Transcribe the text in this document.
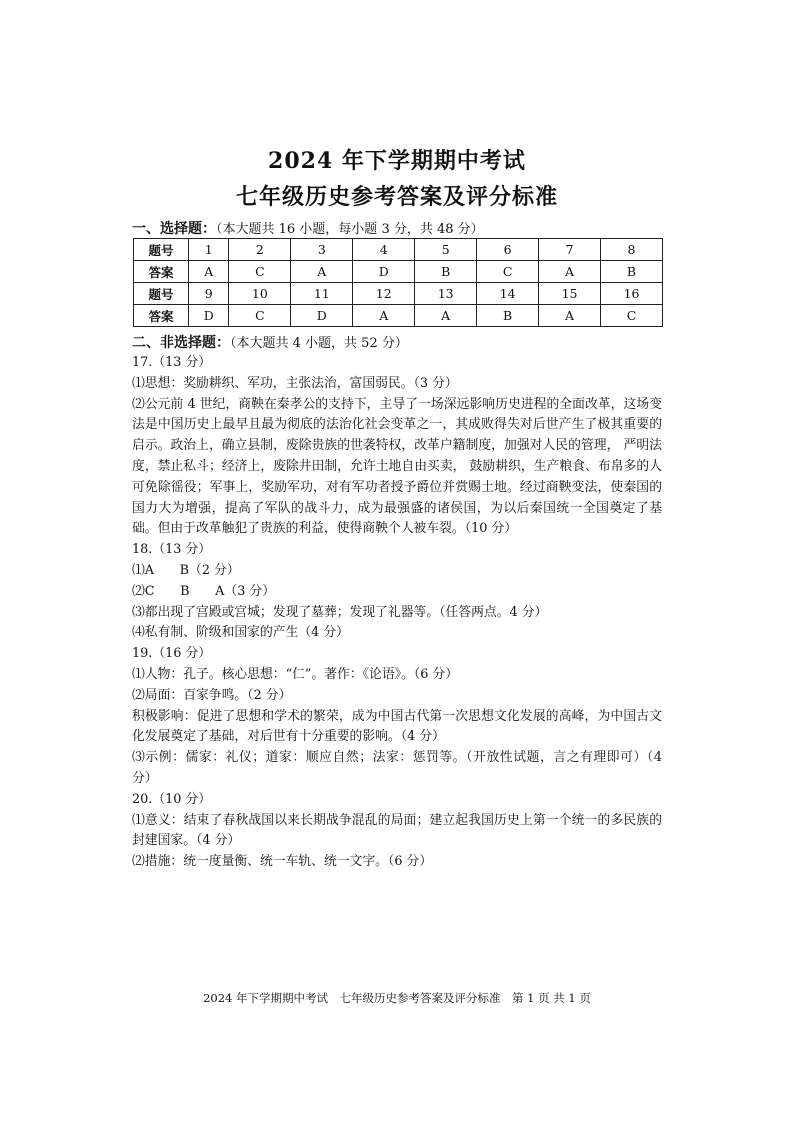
2024 年下学期期中考试
七年级历史参考答案及评分标准
一、选择题：（本大题共 16 小题，每小题 3 分，共 48 分）
题号	1	2	3	4	5	6	7	8
答案	A	C	A	D	B	C	A	B
题号	9	10	11	12	13	14	15	16
答案	D	C	D	A	A	B	A	C
二、非选择题：（本大题共 4 小题，共 52 分）

17.（13 分）

⑴思想：奖励耕织、军功，主张法治，富国弱民。（3 分）

⑵公元前 4 世纪，商鞅在秦孝公的支持下，主导了一场深远影响历史进程的全面改革，这场变法是中国历史上最早且最为彻底的法治化社会变革之一，其成败得失对后世产生了极其重要的启示。政治上，确立县制，废除贵族的世袭特权，改革户籍制度，加强对人民的管理， 严明法度，禁止私斗；经济上，废除井田制，允许土地自由买卖， 鼓励耕织，生产粮食、布帛多的人可免除徭役；军事上，奖励军功，对有军功者授予爵位并赏赐土地。经过商鞅变法，使秦国的国力大为增强，提高了军队的战斗力，成为最强盛的诸侯国，为以后秦国统一全国奠定了基础。但由于改革触犯了贵族的利益，使得商鞅个人被车裂。（10 分）

18.（13 分）

⑴A　　B（2 分）

⑵C　　B　　A（3 分）

⑶都出现了宫殿或宫城；发现了墓葬；发现了礼器等。（任答两点。4 分）

⑷私有制、阶级和国家的产生（4 分）

19.（16 分）

⑴人物：孔子。核心思想：“仁”。著作：《论语》。（6 分）

⑵局面：百家争鸣。（2 分）

积极影响：促进了思想和学术的繁荣，成为中国古代第一次思想文化发展的高峰，为中国古文化发展奠定了基础，对后世有十分重要的影响。（4 分）

⑶示例：儒家：礼仪；道家：顺应自然；法家：惩罚等。（开放性试题，言之有理即可）（4 分）

20.（10 分）

⑴意义：结束了春秋战国以来长期战争混乱的局面；建立起我国历史上第一个统一的多民族的封建国家。（4 分）

⑵措施：统一度量衡、统一车轨、统一文字。（6 分）

2024 年下学期期中考试　七年级历史参考答案及评分标准　第 1 页 共 1 页
